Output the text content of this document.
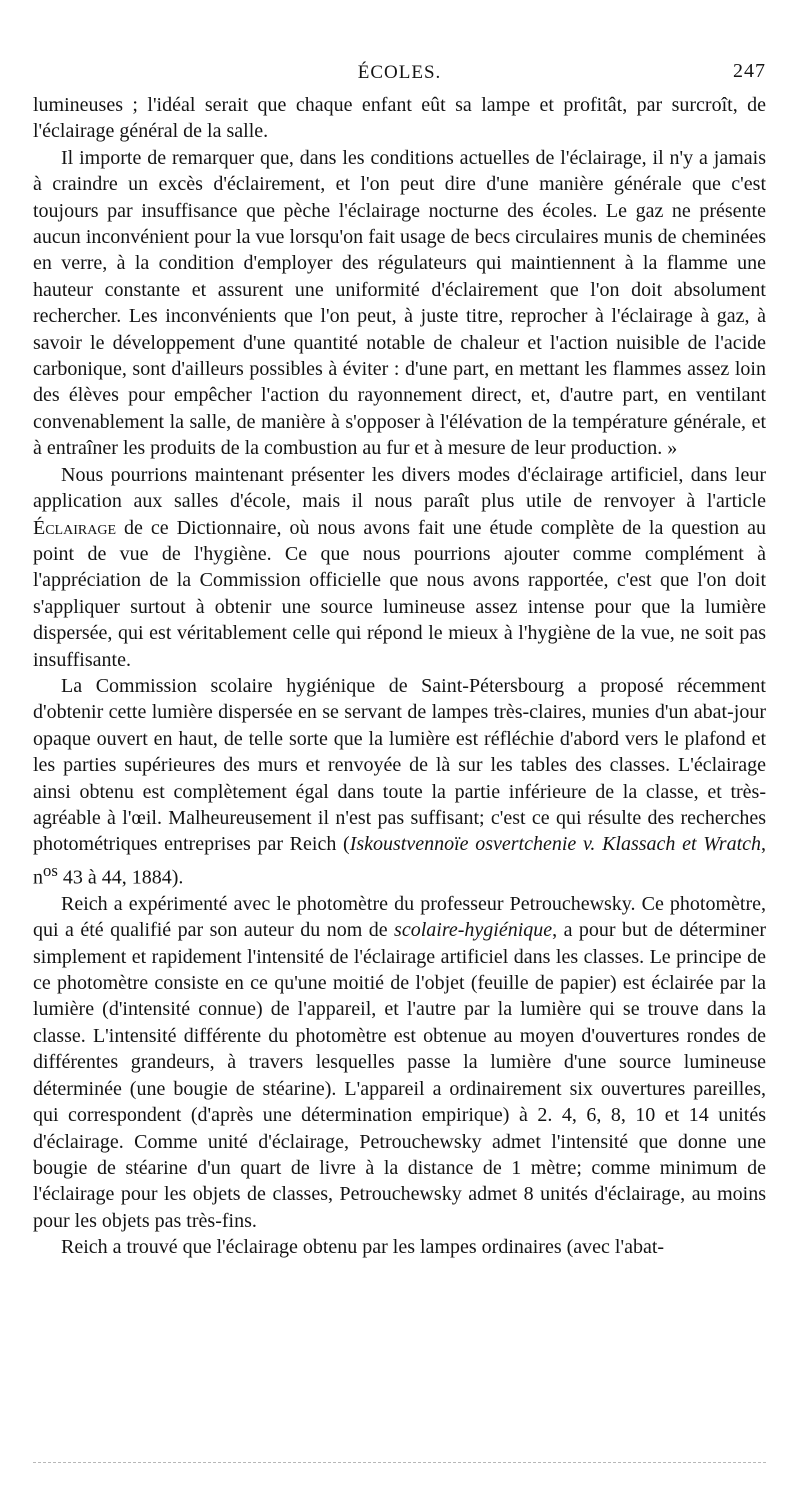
ÉCOLES.	247

lumineuses ; l'idéal serait que chaque enfant eût sa lampe et profitât, par surcroît, de l'éclairage général de la salle.

Il importe de remarquer que, dans les conditions actuelles de l'éclairage, il n'y a jamais à craindre un excès d'éclairement, et l'on peut dire d'une manière générale que c'est toujours par insuffisance que pèche l'éclairage nocturne des écoles. Le gaz ne présente aucun inconvénient pour la vue lorsqu'on fait usage de becs circulaires munis de cheminées en verre, à la condition d'employer des régulateurs qui maintiennent à la flamme une hauteur constante et assurent une uniformité d'éclairement que l'on doit absolument rechercher. Les inconvénients que l'on peut, à juste titre, reprocher à l'éclairage à gaz, à savoir le développement d'une quantité notable de chaleur et l'action nuisible de l'acide carbonique, sont d'ailleurs possibles à éviter : d'une part, en mettant les flammes assez loin des élèves pour empêcher l'action du rayonnement direct, et, d'autre part, en ventilant convenablement la salle, de manière à s'opposer à l'élévation de la température générale, et à entraîner les produits de la combustion au fur et à mesure de leur production. »

Nous pourrions maintenant présenter les divers modes d'éclairage artificiel, dans leur application aux salles d'école, mais il nous paraît plus utile de renvoyer à l'article Éclairage de ce Dictionnaire, où nous avons fait une étude complète de la question au point de vue de l'hygiène. Ce que nous pourrions ajouter comme complément à l'appréciation de la Commission officielle que nous avons rapportée, c'est que l'on doit s'appliquer surtout à obtenir une source lumineuse assez intense pour que la lumière dispersée, qui est véritablement celle qui répond le mieux à l'hygiène de la vue, ne soit pas insuffisante.

La Commission scolaire hygiénique de Saint-Pétersbourg a proposé récemment d'obtenir cette lumière dispersée en se servant de lampes très-claires, munies d'un abat-jour opaque ouvert en haut, de telle sorte que la lumière est réfléchie d'abord vers le plafond et les parties supérieures des murs et renvoyée de là sur les tables des classes. L'éclairage ainsi obtenu est complètement égal dans toute la partie inférieure de la classe, et très-agréable à l'œil. Malheureusement il n'est pas suffisant; c'est ce qui résulte des recherches photométriques entreprises par Reich (Iskoustvennoïe osvertchenie v. Klassach et Wratch, $n^{os}$ 43 à 44, 1884).

Reich a expérimenté avec le photomètre du professeur Petrouchewsky. Ce photomètre, qui a été qualifié par son auteur du nom de scolaire-hygiénique, a pour but de déterminer simplement et rapidement l'intensité de l'éclairage artificiel dans les classes. Le principe de ce photomètre consiste en ce qu'une moitié de l'objet (feuille de papier) est éclairée par la lumière (d'intensité connue) de l'appareil, et l'autre par la lumière qui se trouve dans la classe. L'intensité différente du photomètre est obtenue au moyen d'ouvertures rondes de différentes grandeurs, à travers lesquelles passe la lumière d'une source lumineuse déterminée (une bougie de stéarine). L'appareil a ordinairement six ouvertures pareilles, qui correspondent (d'après une détermination empirique) à 2. 4, 6, 8, 10 et 14 unités d'éclairage. Comme unité d'éclairage, Petrouchewsky admet l'intensité que donne une bougie de stéarine d'un quart de livre à la distance de 1 mètre; comme minimum de l'éclairage pour les objets de classes, Petrouchewsky admet 8 unités d'éclairage, au moins pour les objets pas très-fins.

Reich a trouvé que l'éclairage obtenu par les lampes ordinaires (avec l'abat-
